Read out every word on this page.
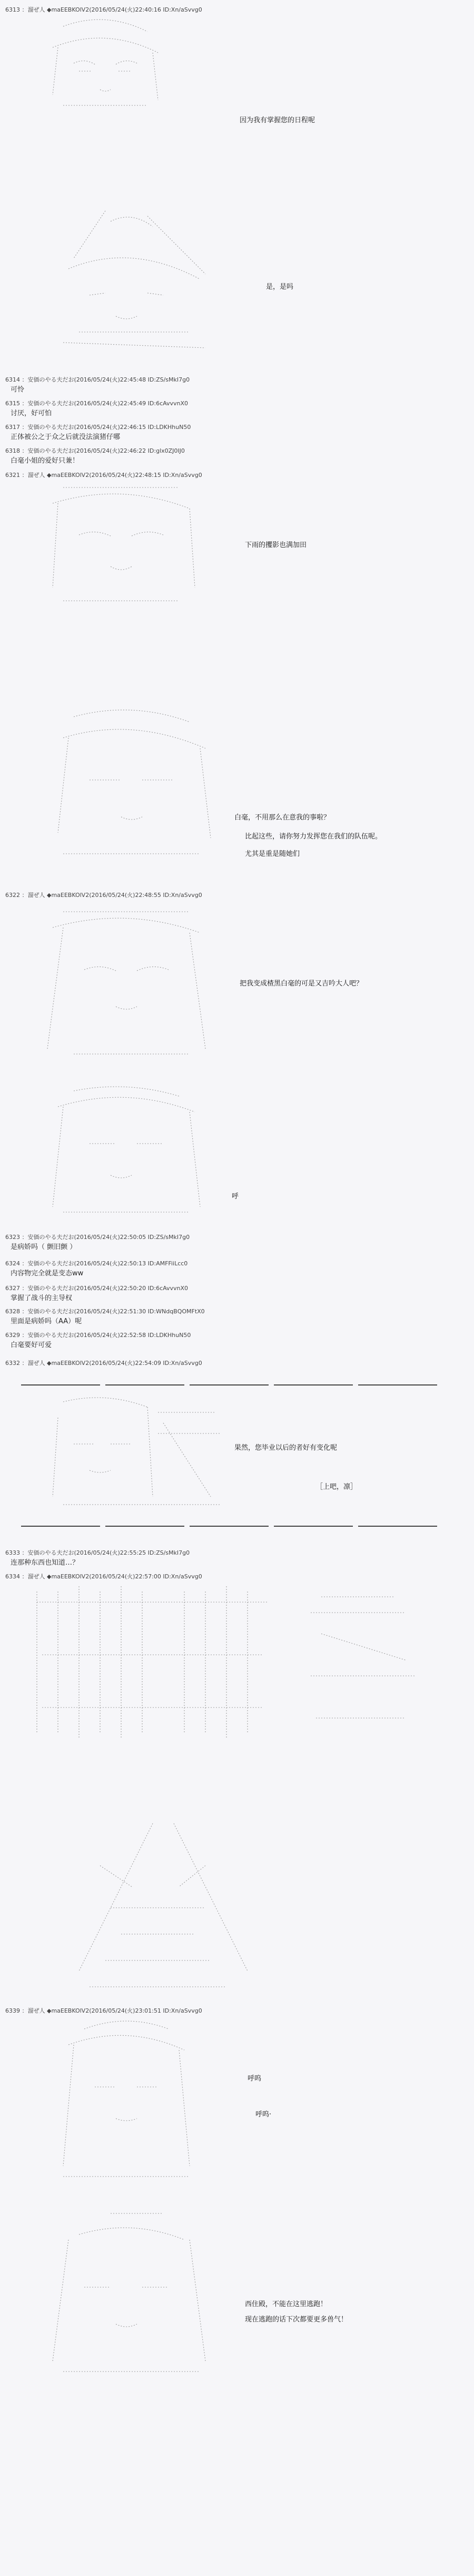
6313 ：溜ぜ人 ◆maEEBKOlV2(2016/05/24(火)22:40:16 ID:Xn/aSvvg0
因为我有掌握您的日程呢
是，是吗
6314 ：安価のやる夫だお(2016/05/24(火)22:45:48 ID:ZS/sMkI7g0
可怜
6315 ：安価のやる夫だお(2016/05/24(火)22:45:49 ID:6cAvvvnX0
讨厌，好可怕
6317 ：安価のやる夫だお(2016/05/24(火)22:46:15 ID:LDKHhuN50
正体被公之于众之后就没法演猪仔哪
6318 ：安価のやる夫だお(2016/05/24(火)22:46:22 ID:glx0ZJ0IJ0
白毫小姐的爱好只兼！
6321 ：溜ぜ人 ◆maEEBKOlV2(2016/05/24(火)22:48:15 ID:Xn/aSvvg0
下雨的攫影也满加田
白毫，不用那么在意我的事啦？
比起这些，请你努力发挥您在我们的队伍呢。
尤其是重是随她们
6322 ：溜ぜ人 ◆maEEBKOlV2(2016/05/24(火)22:48:55 ID:Xn/aSvvg0
把我变成楂黑白毫的可是又吉吟大人吧？
呼
6323 ：安価のやる夫だお(2016/05/24(火)22:50:05 ID:ZS/sMkI7g0
是病娇吗（ 颤旧颤 ）
6324 ：安価のやる夫だお(2016/05/24(火)22:50:13 ID:AMFFiiLcc0
内容物完全就是变态ww
6327 ：安価のやる夫だお(2016/05/24(火)22:50:20 ID:6cAvvvnX0
掌握了战斗的主导权
6328 ：安価のやる夫だお(2016/05/24(火)22:51:30 ID:WNdqBQOMFtX0
里面是病娇吗（AA）呢
6329 ：安価のやる夫だお(2016/05/24(火)22:52:58 ID:LDKHhuN50
白毫要好可爱
6332 ：溜ぜ人 ◆maEEBKOlV2(2016/05/24(火)22:54:09 ID:Xn/aSvvg0
果然，您毕业以后的者好有变化呢
［上吧，凛］
6333 ：安価のやる夫だお(2016/05/24(火)22:55:25 ID:ZS/sMkI7g0
连那种东西也知道…？
6334 ：溜ぜ人 ◆maEEBKOlV2(2016/05/24(火)22:57:00 ID:Xn/aSvvg0
6339 ：溜ぜ人 ◆maEEBKOlV2(2016/05/24(火)23:01:51 ID:Xn/aSvvg0
呼呜
呼呜·
西住殿，不能在这里逃跑！
现在逃跑的话下次都要更多兽气！
